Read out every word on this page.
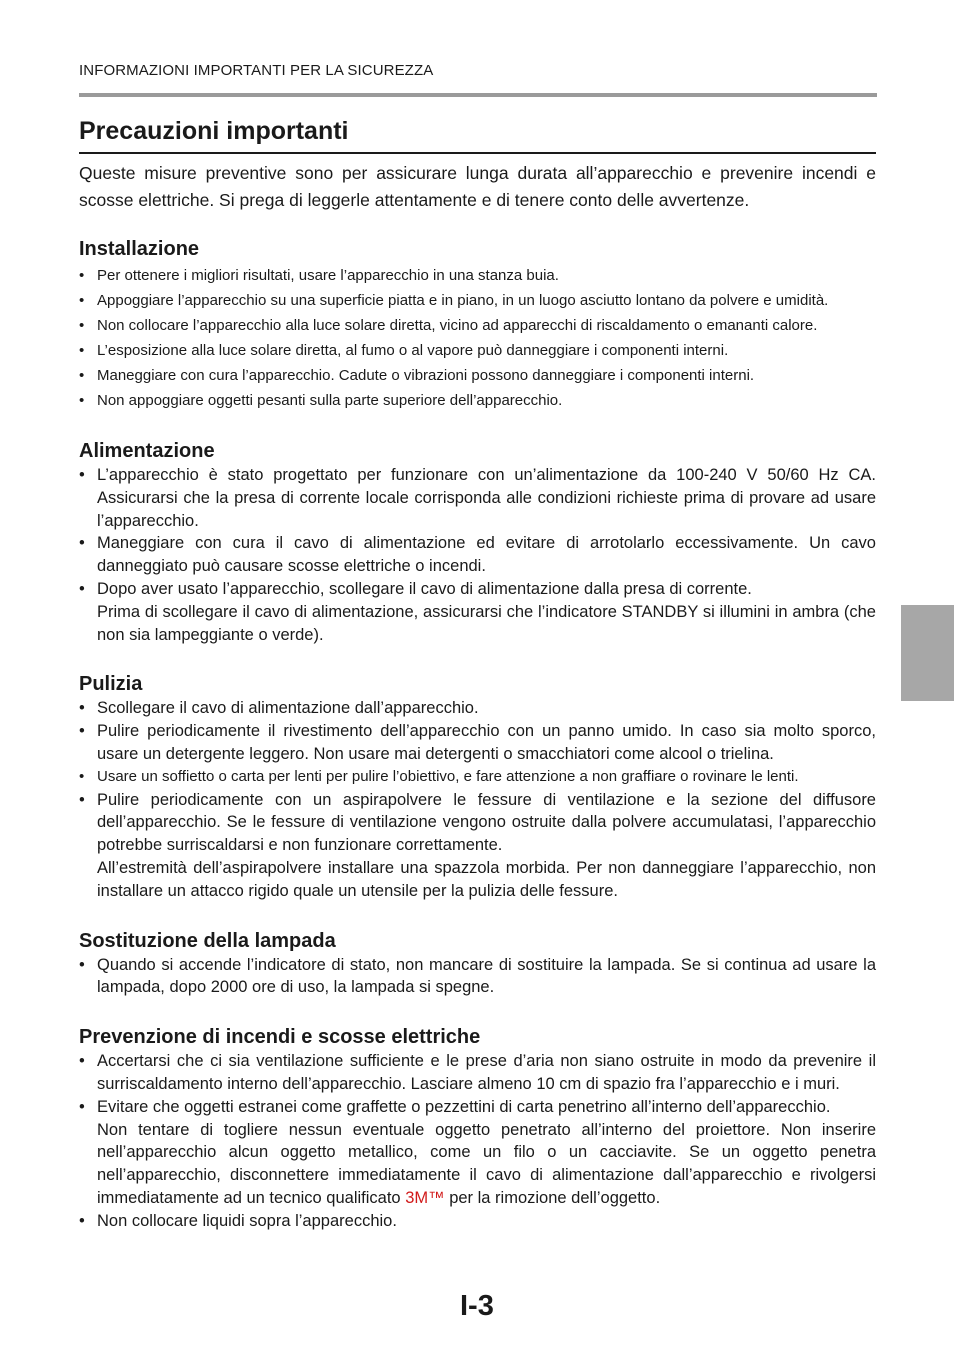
INFORMAZIONI IMPORTANTI PER LA SICUREZZA
Precauzioni importanti

Queste misure preventive sono per assicurare lunga durata all’apparecchio e prevenire incendi e scosse elettriche. Si prega di leggerle attentamente e di tenere conto delle avvertenze.

Installazione
• Per ottenere i migliori risultati, usare l’apparecchio in una stanza buia.
• Appoggiare l’apparecchio su una superficie piatta e in piano, in un luogo asciutto lontano da polvere e umidità.
• Non collocare l’apparecchio alla luce solare diretta, vicino ad apparecchi di riscaldamento o emananti calore.
• L’esposizione alla luce solare diretta, al fumo o al vapore può danneggiare i componenti interni.
• Maneggiare con cura l’apparecchio. Cadute o vibrazioni possono danneggiare i componenti interni.
• Non appoggiare oggetti pesanti sulla parte superiore dell’apparecchio.
Alimentazione
• L’apparecchio è stato progettato per funzionare con un’alimentazione da 100-240 V 50/60 Hz CA. Assicurarsi che la presa di corrente locale corrisponda alle condizioni richieste prima di provare ad usare l’apparecchio.
• Maneggiare con cura il cavo di alimentazione ed evitare di arrotolarlo eccessivamente. Un cavo danneggiato può causare scosse elettriche o incendi.
• Dopo aver usato l’apparecchio, scollegare il cavo di alimentazione dalla presa di corrente.
Prima di scollegare il cavo di alimentazione, assicurarsi che l’indicatore STANDBY si illumini in ambra (che non sia lampeggiante o verde).
Pulizia
• Scollegare il cavo di alimentazione dall’apparecchio.
• Pulire periodicamente il rivestimento dell’apparecchio con un panno umido. In caso sia molto sporco, usare un detergente leggero. Non usare mai detergenti o smacchiatori come alcool o trielina.
• Usare un soffietto o carta per lenti per pulire l’obiettivo, e fare attenzione a non graffiare o rovinare le lenti.
• Pulire periodicamente con un aspirapolvere le fessure di ventilazione e la sezione del diffusore dell’apparecchio. Se le fessure di ventilazione vengono ostruite dalla polvere accumulatasi, l’apparecchio potrebbe surriscaldarsi e non funzionare correttamente.
All’estremità dell’aspirapolvere installare una spazzola morbida. Per non danneggiare l’apparecchio, non installare un attacco rigido quale un utensile per la pulizia delle fessure.
Sostituzione della lampada
• Quando si accende l’indicatore di stato, non mancare di sostituire la lampada. Se si continua ad usare la lampada, dopo 2000 ore di uso, la lampada si spegne.
Prevenzione di incendi e scosse elettriche
• Accertarsi che ci sia ventilazione sufficiente e le prese d’aria non siano ostruite in modo da prevenire il surriscaldamento interno dell’apparecchio. Lasciare almeno 10 cm di spazio fra l’apparecchio e i muri.
• Evitare che oggetti estranei come graffette o pezzettini di carta penetrino all’interno dell’apparecchio.
Non tentare di togliere nessun eventuale oggetto penetrato all’interno del proiettore. Non inserire nell’apparecchio alcun oggetto metallico, come un filo o un cacciavite. Se un oggetto penetra nell’apparecchio, disconnettere immediatamente il cavo di alimentazione dall’apparecchio e rivolgersi immediatamente ad un tecnico qualificato 3M™ per la rimozione dell’oggetto.
• Non collocare liquidi sopra l’apparecchio.
I-3
